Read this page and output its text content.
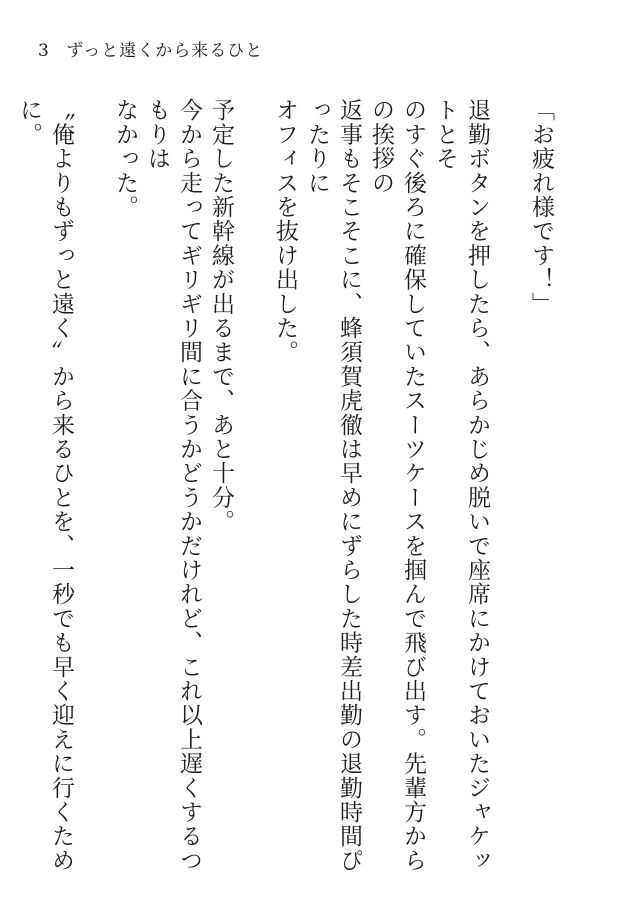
3 ずっと遠くから来るひと
「お疲れ様です！」
退勤ボタンを押したら、あらかじめ脱いで座席にかけておいたジャケットとそ
のすぐ後ろに確保していたスーツケースを掴んで飛び出す。先輩方からの挨拶の
返事もそこそこに、蜂須賀虎徹は早めにずらした時差出勤の退勤時間ぴったりに
オフィスを抜け出した。
予定した新幹線が出るまで、あと十分。
今から走ってギリギリ間に合うかどうかだけれど、これ以上遅くするつもりは
なかった。
〝俺よりもずっと遠く〟から来るひとを、一秒でも早く迎えに行くために。
